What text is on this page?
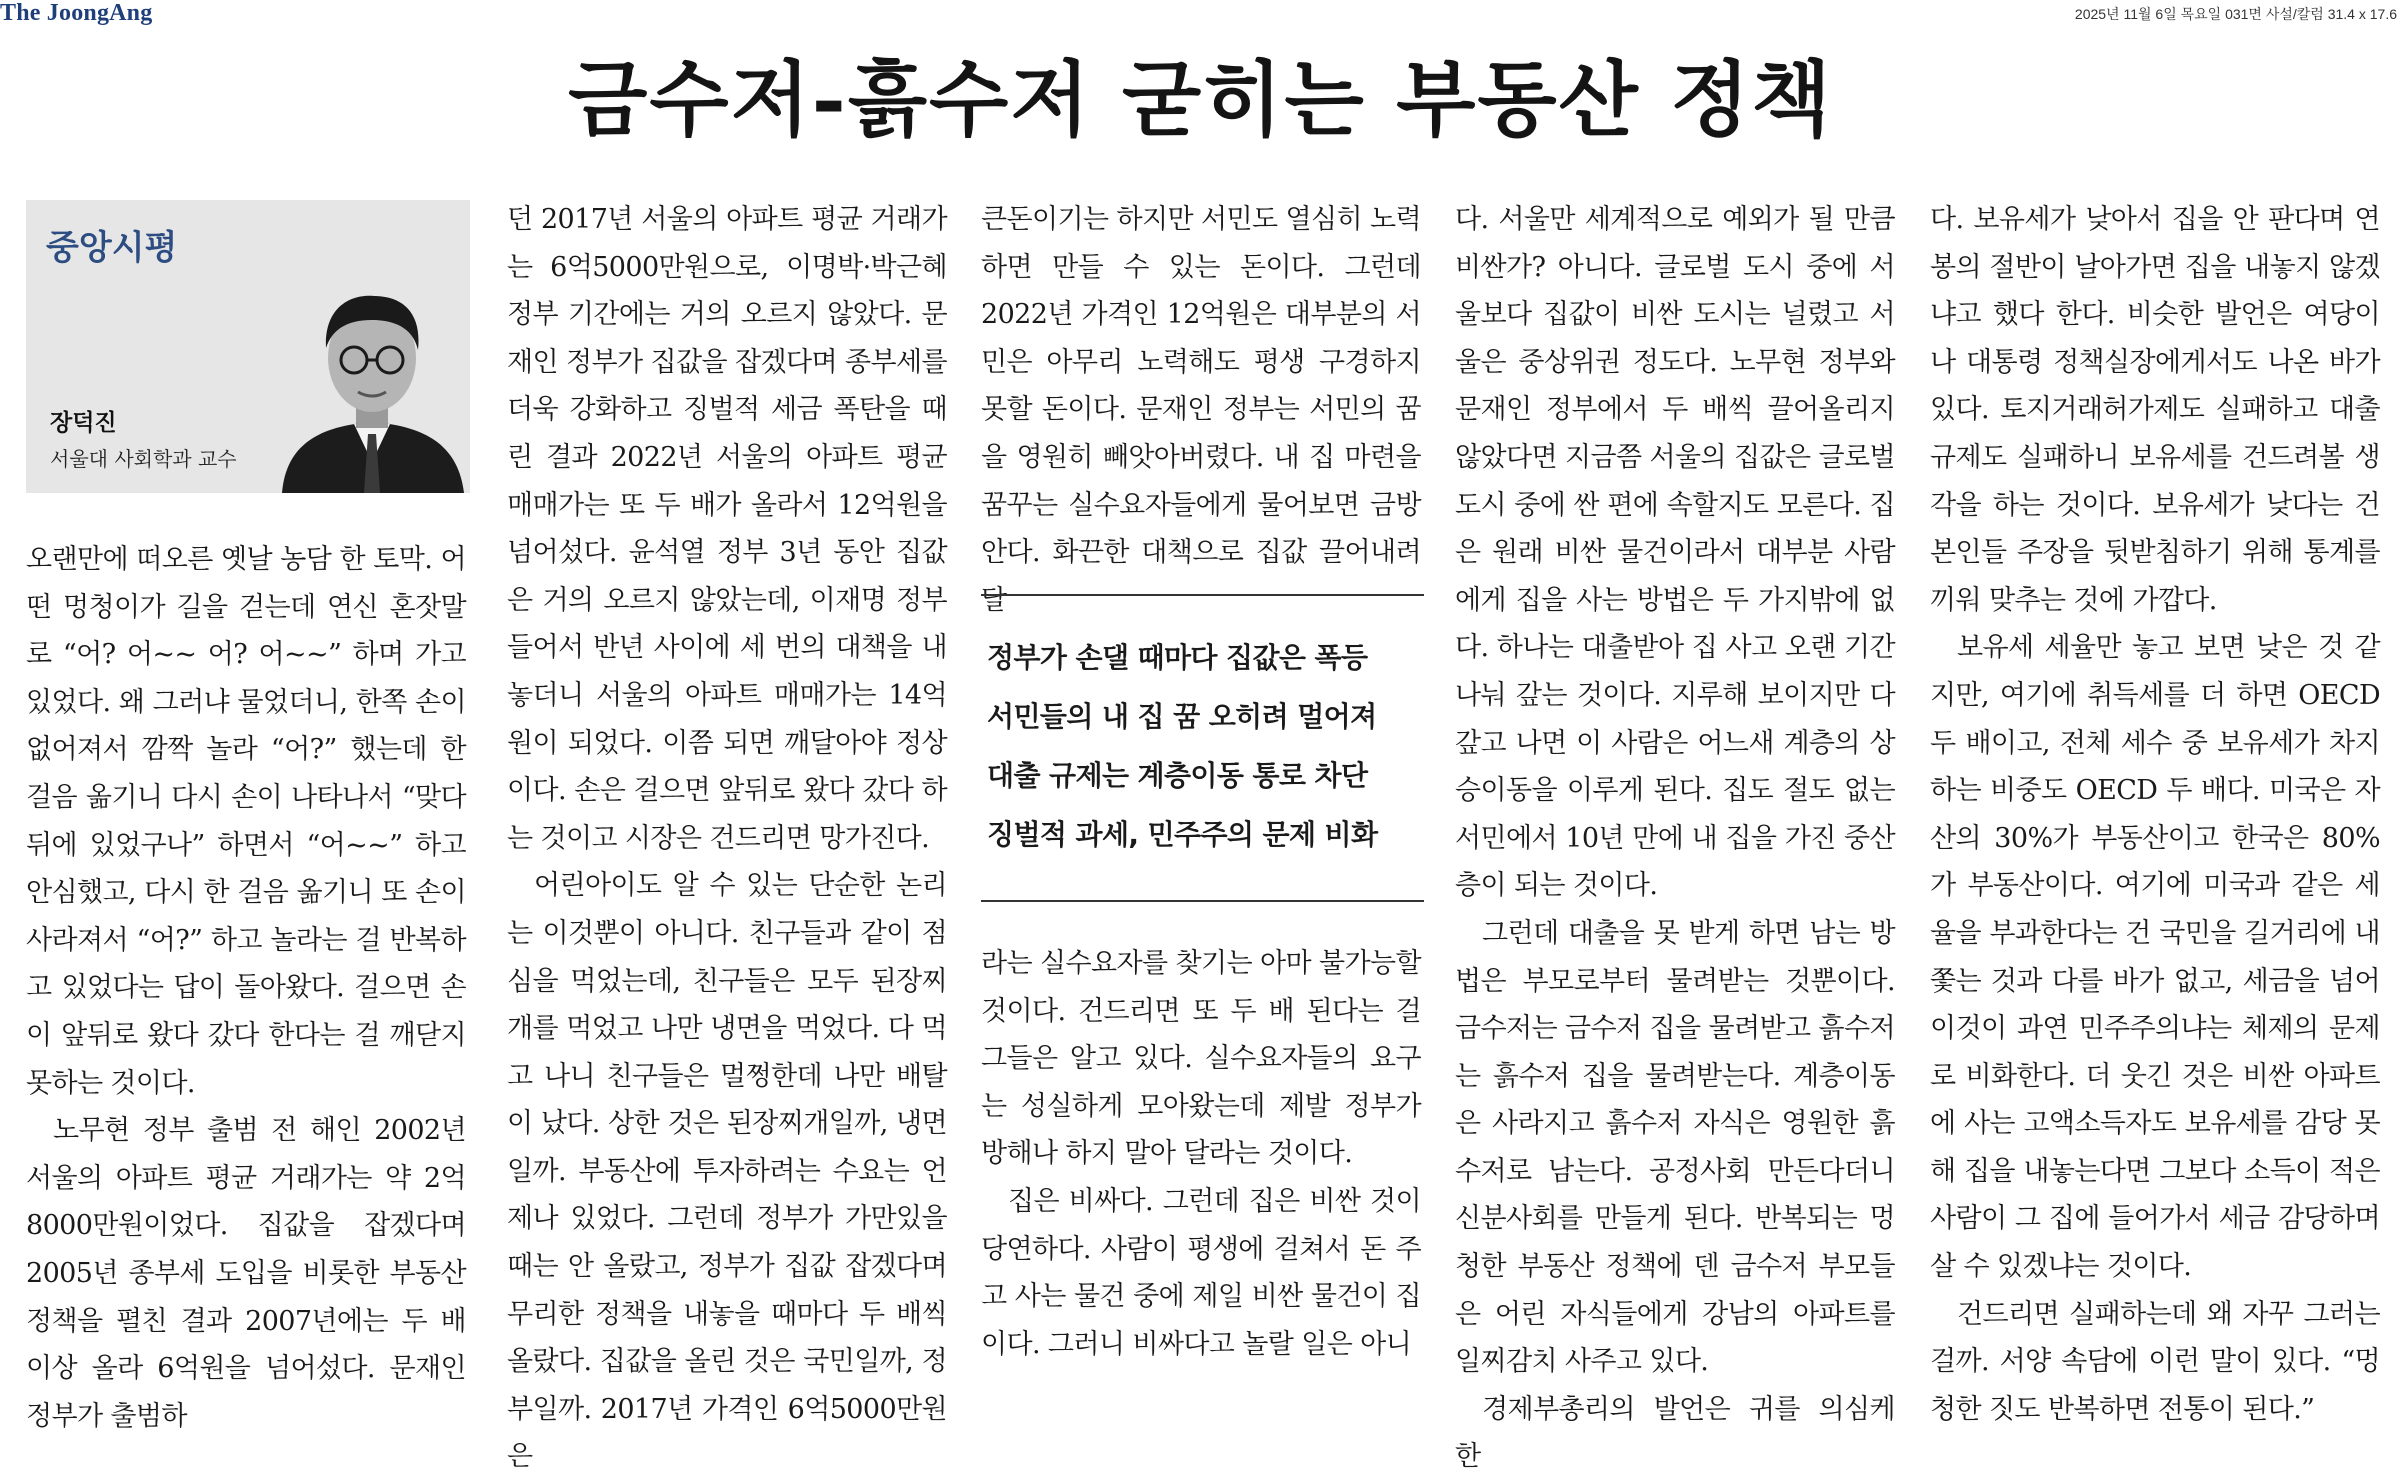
The JoongAng	2025년 11월 6일 목요일 031면 사설/칼럼 31.4 x 17.6
금수저-흙수저 굳히는 부동산 정책
중앙시평
장덕진
서울대 사회학과 교수
오랜만에 떠오른 옛날 농담 한 토막. 어떤 멍청이가 길을 걷는데 연신 혼잣말로 “어? 어~~ 어? 어~~” 하며 가고 있었다. 왜 그러냐 물었더니, 한쪽 손이 없어져서 깜짝 놀라 “어?” 했는데 한 걸음 옮기니 다시 손이 나타나서 “맞다 뒤에 있었구나” 하면서 “어~~” 하고 안심했고, 다시 한 걸음 옮기니 또 손이 사라져서 “어?” 하고 놀라는 걸 반복하고 있었다는 답이 돌아왔다. 걸으면 손이 앞뒤로 왔다 갔다 한다는 걸 깨닫지 못하는 것이다.
노무현 정부 출범 전 해인 2002년 서울의 아파트 평균 거래가는 약 2억8000만원이었다. 집값을 잡겠다며 2005년 종부세 도입을 비롯한 부동산 정책을 펼친 결과 2007년에는 두 배 이상 올라 6억원을 넘어섰다. 문재인 정부가 출범하
던 2017년 서울의 아파트 평균 거래가는 6억5000만원으로, 이명박·박근혜 정부 기간에는 거의 오르지 않았다. 문재인 정부가 집값을 잡겠다며 종부세를 더욱 강화하고 징벌적 세금 폭탄을 때린 결과 2022년 서울의 아파트 평균 매매가는 또 두 배가 올라서 12억원을 넘어섰다. 윤석열 정부 3년 동안 집값은 거의 오르지 않았는데, 이재명 정부 들어서 반년 사이에 세 번의 대책을 내놓더니 서울의 아파트 매매가는 14억원이 되었다. 이쯤 되면 깨달아야 정상이다. 손은 걸으면 앞뒤로 왔다 갔다 하는 것이고 시장은 건드리면 망가진다.
어린아이도 알 수 있는 단순한 논리는 이것뿐이 아니다. 친구들과 같이 점심을 먹었는데, 친구들은 모두 된장찌개를 먹었고 나만 냉면을 먹었다. 다 먹고 나니 친구들은 멀쩡한데 나만 배탈이 났다. 상한 것은 된장찌개일까, 냉면일까. 부동산에 투자하려는 수요는 언제나 있었다. 그런데 정부가 가만있을 때는 안 올랐고, 정부가 집값 잡겠다며 무리한 정책을 내놓을 때마다 두 배씩 올랐다. 집값을 올린 것은 국민일까, 정부일까. 2017년 가격인 6억5000만원은
큰돈이기는 하지만 서민도 열심히 노력하면 만들 수 있는 돈이다. 그런데 2022년 가격인 12억원은 대부분의 서민은 아무리 노력해도 평생 구경하지 못할 돈이다. 문재인 정부는 서민의 꿈을 영원히 빼앗아버렸다. 내 집 마련을 꿈꾸는 실수요자들에게 물어보면 금방 안다. 화끈한 대책으로 집값 끌어내려 달
정부가 손댈 때마다 집값은 폭등
서민들의 내 집 꿈 오히려 멀어져
대출 규제는 계층이동 통로 차단
징벌적 과세, 민주주의 문제 비화
라는 실수요자를 찾기는 아마 불가능할 것이다. 건드리면 또 두 배 된다는 걸 그들은 알고 있다. 실수요자들의 요구는 성실하게 모아왔는데 제발 정부가 방해나 하지 말아 달라는 것이다.
집은 비싸다. 그런데 집은 비싼 것이 당연하다. 사람이 평생에 걸쳐서 돈 주고 사는 물건 중에 제일 비싼 물건이 집이다. 그러니 비싸다고 놀랄 일은 아니
다. 서울만 세계적으로 예외가 될 만큼 비싼가? 아니다. 글로벌 도시 중에 서울보다 집값이 비싼 도시는 널렸고 서울은 중상위권 정도다. 노무현 정부와 문재인 정부에서 두 배씩 끌어올리지 않았다면 지금쯤 서울의 집값은 글로벌 도시 중에 싼 편에 속할지도 모른다. 집은 원래 비싼 물건이라서 대부분 사람에게 집을 사는 방법은 두 가지밖에 없다. 하나는 대출받아 집 사고 오랜 기간 나눠 갚는 것이다. 지루해 보이지만 다 갚고 나면 이 사람은 어느새 계층의 상승이동을 이루게 된다. 집도 절도 없는 서민에서 10년 만에 내 집을 가진 중산층이 되는 것이다.
그런데 대출을 못 받게 하면 남는 방법은 부모로부터 물려받는 것뿐이다. 금수저는 금수저 집을 물려받고 흙수저는 흙수저 집을 물려받는다. 계층이동은 사라지고 흙수저 자식은 영원한 흙수저로 남는다. 공정사회 만든다더니 신분사회를 만들게 된다. 반복되는 멍청한 부동산 정책에 덴 금수저 부모들은 어린 자식들에게 강남의 아파트를 일찌감치 사주고 있다.
경제부총리의 발언은 귀를 의심케 한
다. 보유세가 낮아서 집을 안 판다며 연봉의 절반이 날아가면 집을 내놓지 않겠냐고 했다 한다. 비슷한 발언은 여당이나 대통령 정책실장에게서도 나온 바가 있다. 토지거래허가제도 실패하고 대출규제도 실패하니 보유세를 건드려볼 생각을 하는 것이다. 보유세가 낮다는 건 본인들 주장을 뒷받침하기 위해 통계를 끼워 맞추는 것에 가깝다.
보유세 세율만 놓고 보면 낮은 것 같지만, 여기에 취득세를 더 하면 OECD 두 배이고, 전체 세수 중 보유세가 차지하는 비중도 OECD 두 배다. 미국은 자산의 30%가 부동산이고 한국은 80%가 부동산이다. 여기에 미국과 같은 세율을 부과한다는 건 국민을 길거리에 내쫓는 것과 다를 바가 없고, 세금을 넘어 이것이 과연 민주주의냐는 체제의 문제로 비화한다. 더 웃긴 것은 비싼 아파트에 사는 고액소득자도 보유세를 감당 못 해 집을 내놓는다면 그보다 소득이 적은 사람이 그 집에 들어가서 세금 감당하며 살 수 있겠냐는 것이다.
건드리면 실패하는데 왜 자꾸 그러는 걸까. 서양 속담에 이런 말이 있다. “멍청한 짓도 반복하면 전통이 된다.”
